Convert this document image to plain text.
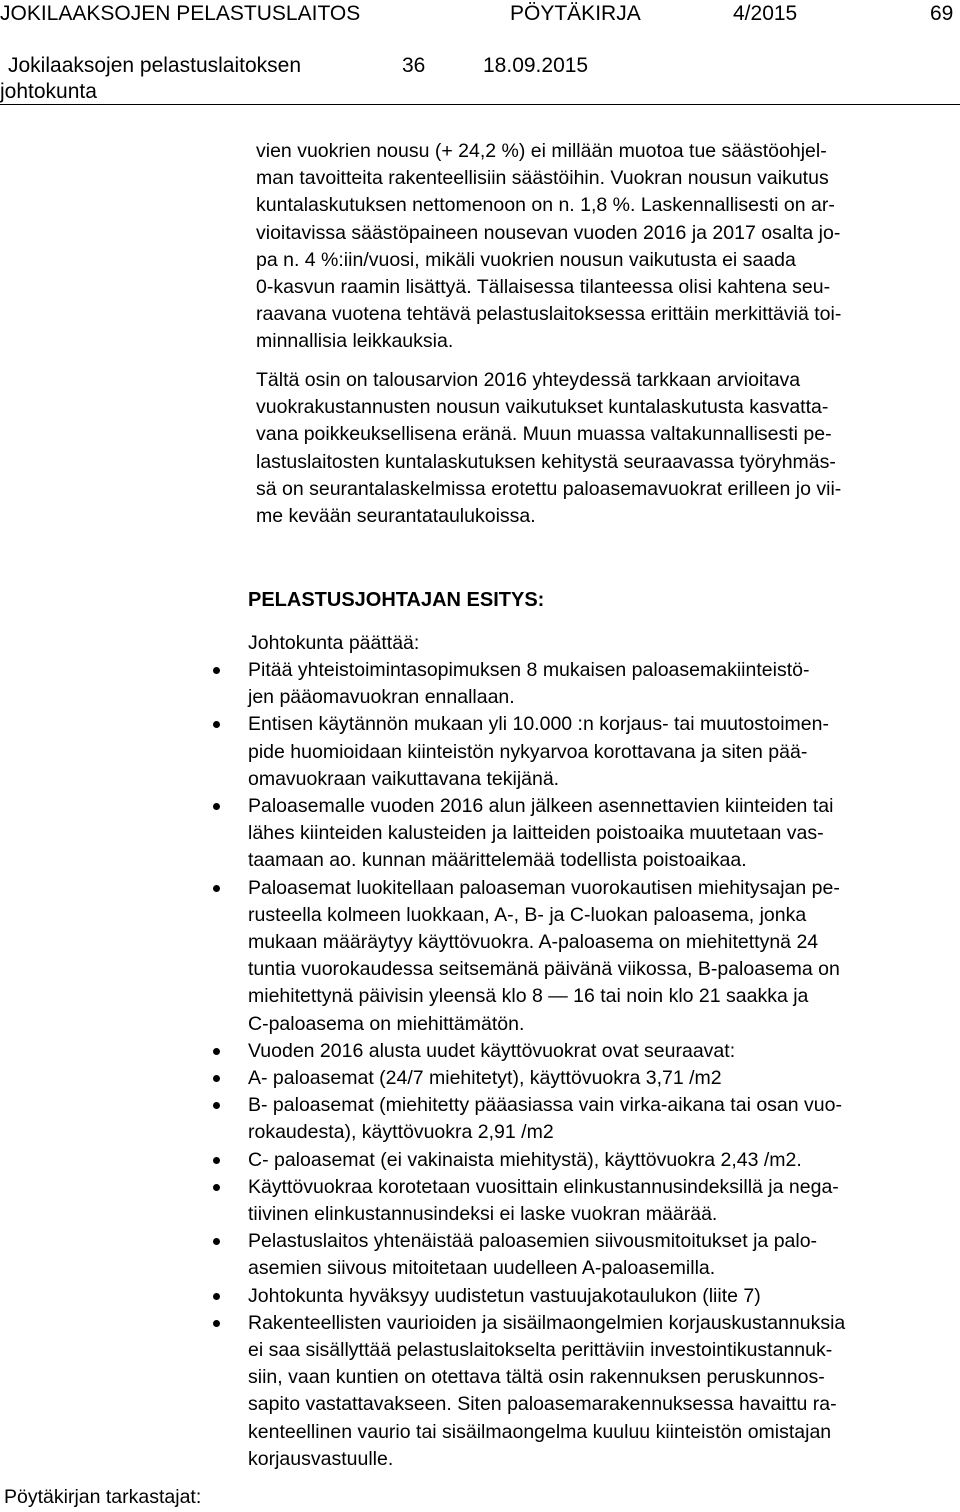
JOKILAAKSOJEN PELASTUSLAITOS	PÖYTÄKIRJA	4/2015	69
Jokilaaksojen pelastuslaitoksen	36	18.09.2015
johtokunta
vien vuokrien nousu (+ 24,2 %) ei millään muotoa tue säästöohjel-
man tavoitteita rakenteellisiin säästöihin. Vuokran nousun vaikutus
kuntalaskutuksen nettomenoon on n. 1,8 %. Laskennallisesti on ar-
vioitavissa säästöpaineen nousevan vuoden 2016 ja 2017 osalta jo-
pa n. 4 %:iin/vuosi, mikäli vuokrien nousun vaikutusta ei saada
0-kasvun raamin lisättyä. Tällaisessa tilanteessa olisi kahtena seu-
raavana vuotena tehtävä pelastuslaitoksessa erittäin merkittäviä toi-
minnallisia leikkauksia.
Tältä osin on talousarvion 2016 yhteydessä tarkkaan arvioitava
vuokrakustannusten nousun vaikutukset kuntalaskutusta kasvatta-
vana poikkeuksellisena eränä. Muun muassa valtakunnallisesti pe-
lastuslaitosten kuntalaskutuksen kehitystä seuraavassa työryhmäs-
sä on seurantalaskelmissa erotettu paloasemavuokrat erilleen jo vii-
me kevään seurantataulukoissa.
PELASTUSJOHTAJAN ESITYS:
Johtokunta päättää:
Pitää yhteistoimintasopimuksen 8 mukaisen paloasemakiinteistö-
jen pääomavuokran ennallaan.
Entisen käytännön mukaan yli 10.000 :n korjaus- tai muutostoimen-
pide huomioidaan kiinteistön nykyarvoa korottavana ja siten pää-
omavuokraan vaikuttavana tekijänä.
Paloasemalle vuoden 2016 alun jälkeen asennettavien kiinteiden tai
lähes kiinteiden kalusteiden ja laitteiden poistoaika muutetaan vas-
taamaan ao. kunnan määrittelemää todellista poistoaikaa.
Paloasemat luokitellaan paloaseman vuorokautisen miehitysajan pe-
rusteella kolmeen luokkaan, A-, B- ja C-luokan paloasema, jonka
mukaan määräytyy käyttövuokra. A-paloasema on miehitettynä 24
tuntia vuorokaudessa seitsemänä päivänä viikossa, B-paloasema on
miehitettynä päivisin yleensä klo 8 — 16 tai noin klo 21 saakka ja
C-paloasema on miehittämätön.
Vuoden 2016 alusta uudet käyttövuokrat ovat seuraavat:
A- paloasemat (24/7 miehitetyt), käyttövuokra 3,71 /m2
B- paloasemat (miehitetty pääasiassa vain virka-aikana tai osan vuo-
rokaudesta), käyttövuokra 2,91 /m2
C- paloasemat (ei vakinaista miehitystä), käyttövuokra 2,43 /m2.
Käyttövuokraa korotetaan vuosittain elinkustannusindeksillä ja nega-
tiivinen elinkustannusindeksi ei laske vuokran määrää.
Pelastuslaitos yhtenäistää paloasemien siivousmitoitukset ja palo-
asemien siivous mitoitetaan uudelleen A-paloasemilla.
Johtokunta hyväksyy uudistetun vastuujakotaulukon (liite 7)
Rakenteellisten vaurioiden ja sisäilmaongelmien korjauskustannuksia
ei saa sisällyttää pelastuslaitokselta perittäviin investointikustannuk-
siin, vaan kuntien on otettava tältä osin rakennuksen peruskunnos-
sapito vastattavakseen. Siten paloasemarakennuksessa havaittu ra-
kenteellinen vaurio tai sisäilmaongelma kuuluu kiinteistön omistajan
korjausvastuulle.
Pöytäkirjan tarkastajat:
